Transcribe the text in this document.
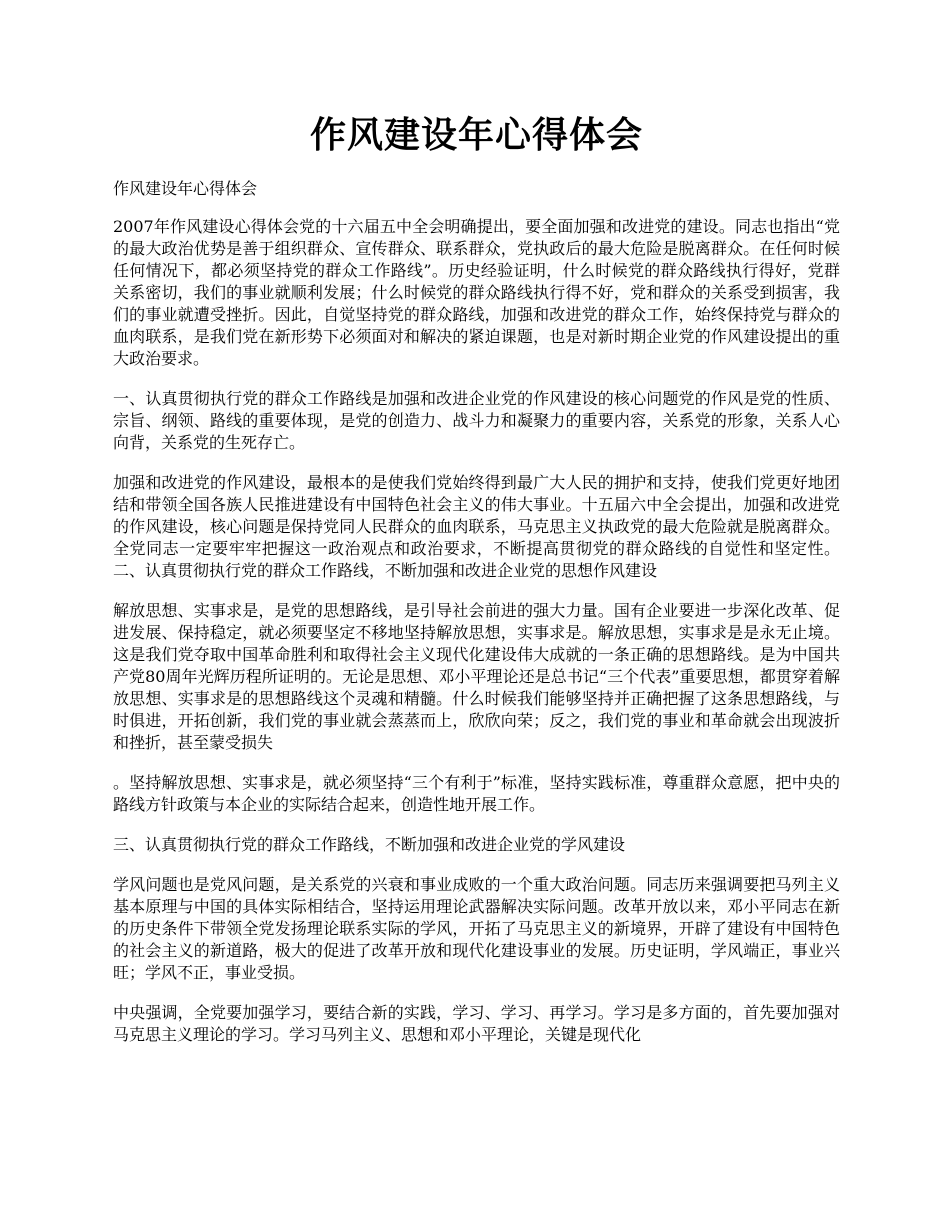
作风建设年心得体会

作风建设年心得体会

2007年作风建设心得体会党的十六届五中全会明确提出，要全面加强和改进党的建设。同志也指出“党的最大政治优势是善于组织群众、宣传群众、联系群众，党执政后的最大危险是脱离群众。在任何时候任何情况下，都必须坚持党的群众工作路线”。历史经验证明，什么时候党的群众路线执行得好，党群关系密切，我们的事业就顺利发展；什么时候党的群众路线执行得不好，党和群众的关系受到损害，我们的事业就遭受挫折。因此，自觉坚持党的群众路线，加强和改进党的群众工作，始终保持党与群众的血肉联系，是我们党在新形势下必须面对和解决的紧迫课题，也是对新时期企业党的作风建设提出的重大政治要求。

一、认真贯彻执行党的群众工作路线是加强和改进企业党的作风建设的核心问题党的作风是党的性质、宗旨、纲领、路线的重要体现，是党的创造力、战斗力和凝聚力的重要内容，关系党的形象，关系人心向背，关系党的生死存亡。

加强和改进党的作风建设，最根本的是使我们党始终得到最广大人民的拥护和支持，使我们党更好地团结和带领全国各族人民推进建设有中国特色社会主义的伟大事业。十五届六中全会提出，加强和改进党的作风建设，核心问题是保持党同人民群众的血肉联系，马克思主义执政党的最大危险就是脱离群众。全党同志一定要牢牢把握这一政治观点和政治要求，不断提高贯彻党的群众路线的自觉性和坚定性。二、认真贯彻执行党的群众工作路线，不断加强和改进企业党的思想作风建设

解放思想、实事求是，是党的思想路线，是引导社会前进的强大力量。国有企业要进一步深化改革、促进发展、保持稳定，就必须要坚定不移地坚持解放思想，实事求是。解放思想，实事求是是永无止境。这是我们党夺取中国革命胜利和取得社会主义现代化建设伟大成就的一条正确的思想路线。是为中国共产党80周年光辉历程所证明的。无论是思想、邓小平理论还是总书记“三个代表”重要思想，都贯穿着解放思想、实事求是的思想路线这个灵魂和精髓。什么时候我们能够坚持并正确把握了这条思想路线，与时俱进，开拓创新，我们党的事业就会蒸蒸而上，欣欣向荣；反之，我们党的事业和革命就会出现波折和挫折，甚至蒙受损失

。坚持解放思想、实事求是，就必须坚持“三个有利于”标准，坚持实践标准，尊重群众意愿，把中央的路线方针政策与本企业的实际结合起来，创造性地开展工作。

三、认真贯彻执行党的群众工作路线，不断加强和改进企业党的学风建设

学风问题也是党风问题，是关系党的兴衰和事业成败的一个重大政治问题。同志历来强调要把马列主义基本原理与中国的具体实际相结合，坚持运用理论武器解决实际问题。改革开放以来，邓小平同志在新的历史条件下带领全党发扬理论联系实际的学风，开拓了马克思主义的新境界，开辟了建设有中国特色的社会主义的新道路，极大的促进了改革开放和现代化建设事业的发展。历史证明，学风端正，事业兴旺；学风不正，事业受损。

中央强调，全党要加强学习，要结合新的实践，学习、学习、再学习。学习是多方面的，首先要加强对马克思主义理论的学习。学习马列主义、思想和邓小平理论，关键是现代化
